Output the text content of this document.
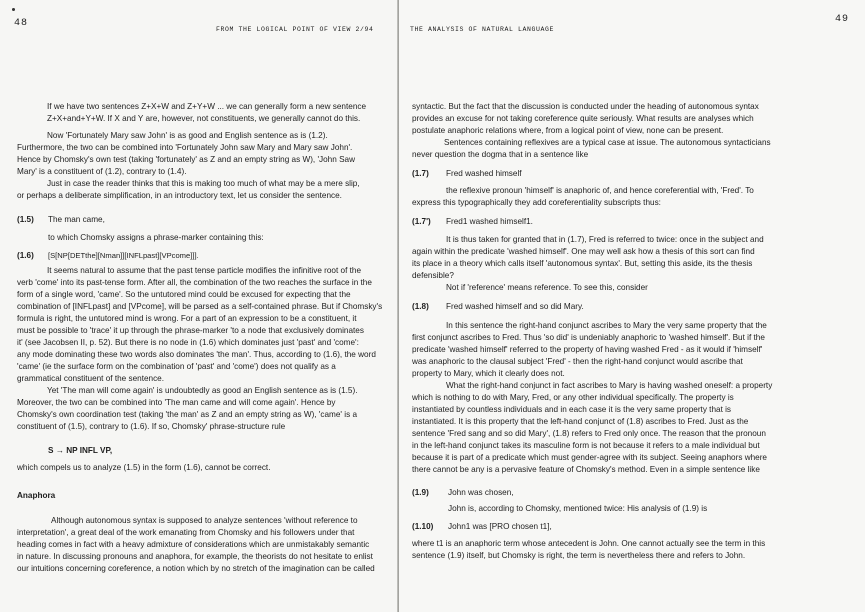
48
FROM THE LOGICAL POINT OF VIEW 2/94
If we have two sentences Z+X+W and Z+Y+W ... we can generally form a new sentence
Z+X+and+Y+W. If X and Y are, however, not constituents, we generally cannot do this.
Now 'Fortunately Mary saw John' is as good and English sentence as is (1.2).
Furthermore, the two can be combined into 'Fortunately John saw Mary and Mary saw John'.
Hence by Chomsky's own test (taking 'fortunately' as Z and an empty string as W), 'John Saw
Mary' is a constituent of (1.2), contrary to (1.4).
Just in case the reader thinks that this is making too much of what may be a mere slip,
or perhaps a deliberate simplification, in an introductory text, let us consider the sentence.
(1.5) The man came,
to which Chomsky assigns a phrase-marker containing this:
(1.6) [S[NP[DETthe][Nman]][INFLpast][VPcome]]].
It seems natural to assume that the past tense particle modifies the infinitive root of the
verb 'come' into its past-tense form. After all, the combination of the two reaches the surface in the
form of a single word, 'came'. So the untutored mind could be excused for expecting that the
combination of [INFLpast] and [VPcome], will be parsed as a self-contained phrase. But if Chomsky's
formula is right, the untutored mind is wrong. For a part of an expression to be a constituent, it
must be possible to 'trace' it up through the phrase-marker 'to a node that exclusively dominates
it' (see Jacobsen II, p. 52). But there is no node in (1.6) which dominates just 'past' and 'come':
any mode dominating these two words also dominates 'the man'. Thus, according to (1.6), the word
'came' (ie the surface form on the combination of 'past' and 'come') does not qualify as a
grammatical constituent of the sentence.
Yet 'The man will come again' is undoubtedly as good an English sentence as is (1.5).
Moreover, the two can be combined into 'The man came and will come again'. Hence by
Chomsky's own coordination test (taking 'the man' as Z and an empty string as W), 'came' is a
constituent of (1.5), contrary to (1.6). If so, Chomsky' phrase-structure rule
S → NP INFL VP,
which compels us to analyze (1.5) in the form (1.6), cannot be correct.
Anaphora
Although autonomous syntax is supposed to analyze sentences 'without reference to
interpretation', a great deal of the work emanating from Chomsky and his followers under that
heading comes in fact with a heavy admixture of considerations which are unmistakably semantic
in nature. In discussing pronouns and anaphora, for example, the theorists do not hesitate to enlist
our intuitions concerning coreference, a notion which by no stretch of the imagination can be called
THE ANALYSIS OF NATURAL LANGUAGE
49
syntactic. But the fact that the discussion is conducted under the heading of autonomous syntax
provides an excuse for not taking coreference quite seriously. What results are analyses which
postulate anaphoric relations where, from a logical point of view, none can be present.
Sentences containing reflexives are a typical case at issue. The autonomous syntacticians
never question the dogma that in a sentence like
(1.7) Fred washed himself
the reflexive pronoun 'himself' is anaphoric of, and hence coreferential with, 'Fred'. To
express this typographically they add coreferentiality subscripts thus:
(1.7') Fred1 washed himself1.
It is thus taken for granted that in (1.7), Fred is referred to twice: once in the subject and
again within the predicate 'washed himself'. One may well ask how a thesis of this sort can find
its place in a theory which calls itself 'autonomous syntax'. But, setting this aside, its the thesis
defensible?
Not if 'reference' means reference. To see this, consider
(1.8) Fred washed himself and so did Mary.
In this sentence the right-hand conjunct ascribes to Mary the very same property that the
first conjunct ascribes to Fred. Thus 'so did' is undeniably anaphoric to 'washed himself'. But if the
predicate 'washed himself' referred to the property of having washed Fred - as it would if 'himself'
was anaphoric to the clausal subject 'Fred' - then the right-hand conjunct would ascribe that
property to Mary, which it clearly does not.
What the right-hand conjunct in fact ascribes to Mary is having washed oneself: a property
which is nothing to do with Mary, Fred, or any other individual specifically. The property is
instantiated by countless individuals and in each case it is the very same property that is
instantiated. It is this property that the left-hand conjunct of (1.8) ascribes to Fred. Just as the
sentence 'Fred sang and so did Mary', (1.8) refers to Fred only once. The reason that the pronoun
in the left-hand conjunct takes its masculine form is not because it refers to a male individual but
because it is part of a predicate which must gender-agree with its subject. Seeing anaphors where
there cannot be any is a pervasive feature of Chomsky's method. Even in a simple sentence like
(1.9) John was chosen,
John is, according to Chomsky, mentioned twice: His analysis of (1.9) is
(1.10) John1 was [PRO chosen t1],
where t1 is an anaphoric term whose antecedent is John. One cannot actually see the term in this
sentence (1.9) itself, but Chomsky is right, the term is nevertheless there and refers to John.
